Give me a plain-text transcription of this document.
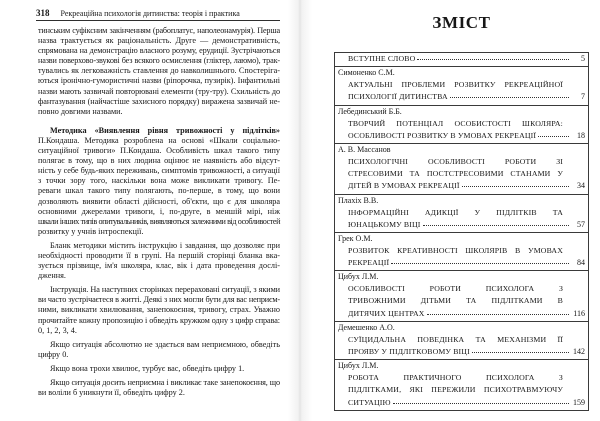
318 Рекреаційна психологія дитинства: теорія і практика
тинським суфіксним закінченням (рабоплатус, наполеонамурія). Перша
назва трактується як раціональність. Друге — демонстративність,
спрямована на демонстрацію власного розуму, ерудиції. Зустрічаються
назви поверхово-звукові без всякого осмислення (гліктер, лаюмо), трак-
тувались як легковажність ставлення до навколишнього. Спостеріга-
ються іронічно-гумористичні назви (ріпорочка, пузирік). Інфантильні
назви мають зазвичай повторювані елементи (тру-тру). Схильність до
фантазування (найчастіше захисного порядку) виражена зазвичай не-
повно довгими назвами.
Методика «Виявлення рівня тривожності у підлітків»
П.Кондаша. Методика розроблена на основі «Шкали соціально-
ситуаційної тривоги» П.Кондаша. Особливість шкал такого типу
полягає в тому, що в них людина оцінює не наявність або відсут-
ність у себе будь-яких переживань, симптомів тривожності, а ситуації
з точки зору того, наскільки вона може викликати тривогу. Пе-
реваги шкал такого типу полягають, по-перше, в тому, що вони
дозволяють виявити області дійсності, об'єкти, що є для школяра
основними джерелами тривоги, і, по-друге, в меншій мірі, ніж
шкали інших типів опитувальників, виявляються залежними від особливостей
розвитку у учнів інтроспекції.
Бланк методики містить інструкцію і завдання, що дозволяє при
необхідності проводити її в групі. На першій сторінці бланка вка-
зується прізвище, ім'я школяра, клас, вік і дата проведення дослі-
дження.
Інструкція. На наступних сторінках перераховані ситуації, з якими
ви часто зустрічаєтеся в житті. Деякі з них могли бути для вас неприєм-
ними, викликати хвилювання, занепокоєння, тривогу, страх. Уважно
прочитайте кожну пропозицію і обведіть кружком одну з цифр справа:
0, 1, 2, 3, 4.
Якщо ситуація абсолютно не здається вам неприємною, обведіть
цифру 0.
Якщо вона трохи хвилює, турбує вас, обведіть цифру 1.
Якщо ситуація досить неприємна і викликає таке занепокоєння, що
ви воліли б уникнути її, обведіть цифру 2.
ЗМІСТ
ВСТУПНЕ СЛОВО	5
Симоненко С.М.
АКТУАЛЬНІ ПРОБЛЕМИ РОЗВИТКУ РЕКРЕАЦІЙНОЇ
ПСИХОЛОГІЇ ДИТИНСТВА	7
Лебединський Б.Б.
ТВОРЧИЙ ПОТЕНЦІАЛ ОСОБИСТОСТІ ШКОЛЯРА:
ОСОБЛИВОСТІ РОЗВИТКУ В УМОВАХ РЕКРЕАЦІЇ	18
А. В. Массанов
ПСИХОЛОГІЧНІ ОСОБЛИВОСТІ РОБОТИ ЗІ
СТРЕСОВИМИ ТА ПОСТСТРЕСОВИМИ СТАНАМИ У
ДІТЕЙ В УМОВАХ РЕКРЕАЦІЇ	34
Плахіх В.В.
ІНФОРМАЦІЙНІ АДИКЦІЇ У ПІДЛІТКІВ ТА
ЮНАЦЬКОМУ ВІЦІ	57
Грек О.М.
РОЗВИТОК КРЕАТИВНОСТІ ШКОЛЯРІВ В УМОВАХ
РЕКРЕАЦІЇ	84
Цибух Л.М.
ОСОБЛИВОСТІ РОБОТИ ПСИХОЛОГА З
ТРИВОЖНИМИ ДІТЬМИ ТА ПІДЛІТКАМИ В
ДИТЯЧИХ ЦЕНТРАХ	116
Демешенко А.О.
СУЇЦИДАЛЬНА ПОВЕДІНКА ТА МЕХАНІЗМИ ЇЇ
ПРОЯВУ У ПІДЛІТКОВОМУ ВІЦІ	142
Цибух Л.М.
РОБОТА ПРАКТИЧНОГО ПСИХОЛОГА З
ПІДЛІТКАМИ, ЯКІ ПЕРЕЖИЛИ ПСИХОТРАВМУЮЧУ
СИТУАЦІЮ	159
